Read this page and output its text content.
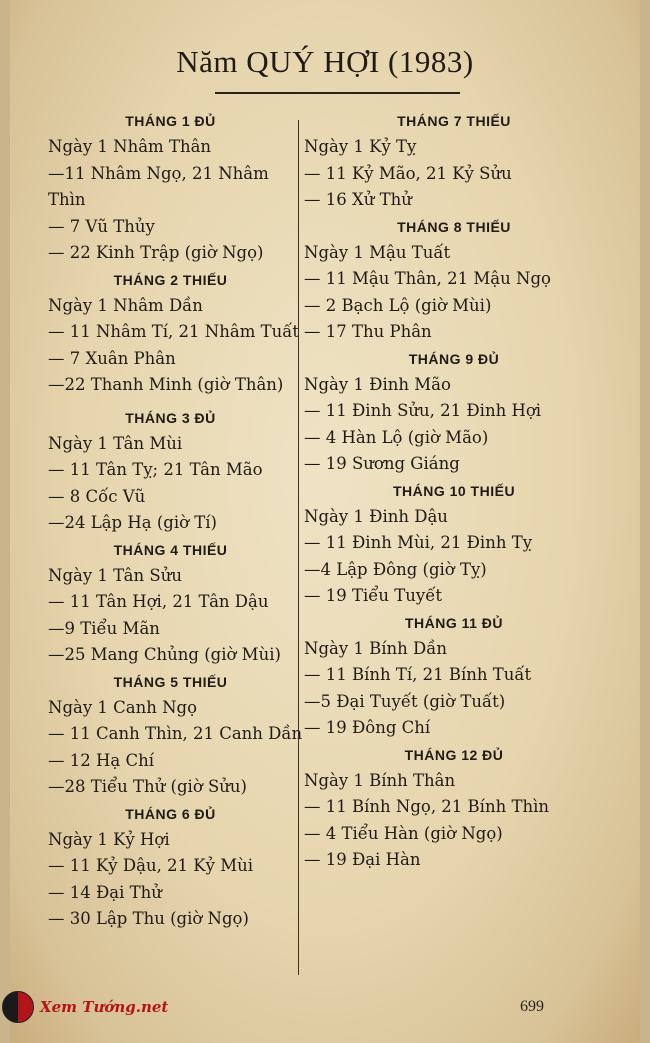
Năm QUÝ HỢI (1983)
THÁNG 1 ĐỦ
Ngày 1 Nhâm Thân
—11 Nhâm Ngọ, 21 Nhâm
Thìn
— 7 Vũ Thủy
— 22 Kinh Trập (giờ Ngọ)
THÁNG 2 THIẾU
Ngày 1 Nhâm Dần
— 11 Nhâm Tí, 21 Nhâm Tuất
— 7 Xuân Phân
—22 Thanh Minh (giờ Thân)
THÁNG 3 ĐỦ
Ngày 1 Tân Mùi
— 11 Tân Tỵ; 21 Tân Mão
— 8 Cốc Vũ
—24 Lập Hạ (giờ Tí)
THÁNG 4 THIẾU
Ngày 1 Tân Sửu
— 11 Tân Hợi, 21 Tân Dậu
—9 Tiểu Mãn
—25 Mang Chủng (giờ Mùi)
THÁNG 5 THIẾU
Ngày 1 Canh Ngọ
— 11 Canh Thìn, 21 Canh Dần
— 12 Hạ Chí
—28 Tiểu Thử (giờ Sửu)
THÁNG 6 ĐỦ
Ngày 1 Kỷ Hợi
— 11 Kỷ Dậu, 21 Kỷ Mùi
— 14 Đại Thử
— 30 Lập Thu (giờ Ngọ)
THÁNG 7 THIẾU
Ngày 1 Kỷ Tỵ
— 11 Kỷ Mão, 21 Kỷ Sửu
— 16 Xử Thử
THÁNG 8 THIẾU
Ngày 1 Mậu Tuất
— 11 Mậu Thân, 21 Mậu Ngọ
— 2 Bạch Lộ (giờ Mùi)
— 17 Thu Phân
THÁNG 9 ĐỦ
Ngày 1 Đinh Mão
— 11 Đinh Sửu, 21 Đinh Hợi
— 4 Hàn Lộ (giờ Mão)
— 19 Sương Giáng
THÁNG 10 THIẾU
Ngày 1 Đinh Dậu
— 11 Đinh Mùi, 21 Đinh Tỵ
—4 Lập Đông (giờ Tỵ)
— 19 Tiểu Tuyết
THÁNG 11 ĐỦ
Ngày 1 Bính Dần
— 11 Bính Tí, 21 Bính Tuất
—5 Đại Tuyết (giờ Tuất)
— 19 Đông Chí
THÁNG 12 ĐỦ
Ngày 1 Bính Thân
— 11 Bính Ngọ, 21 Bính Thìn
— 4 Tiểu Hàn (giờ Ngọ)
— 19 Đại Hàn
699
Xem Tướng.net
